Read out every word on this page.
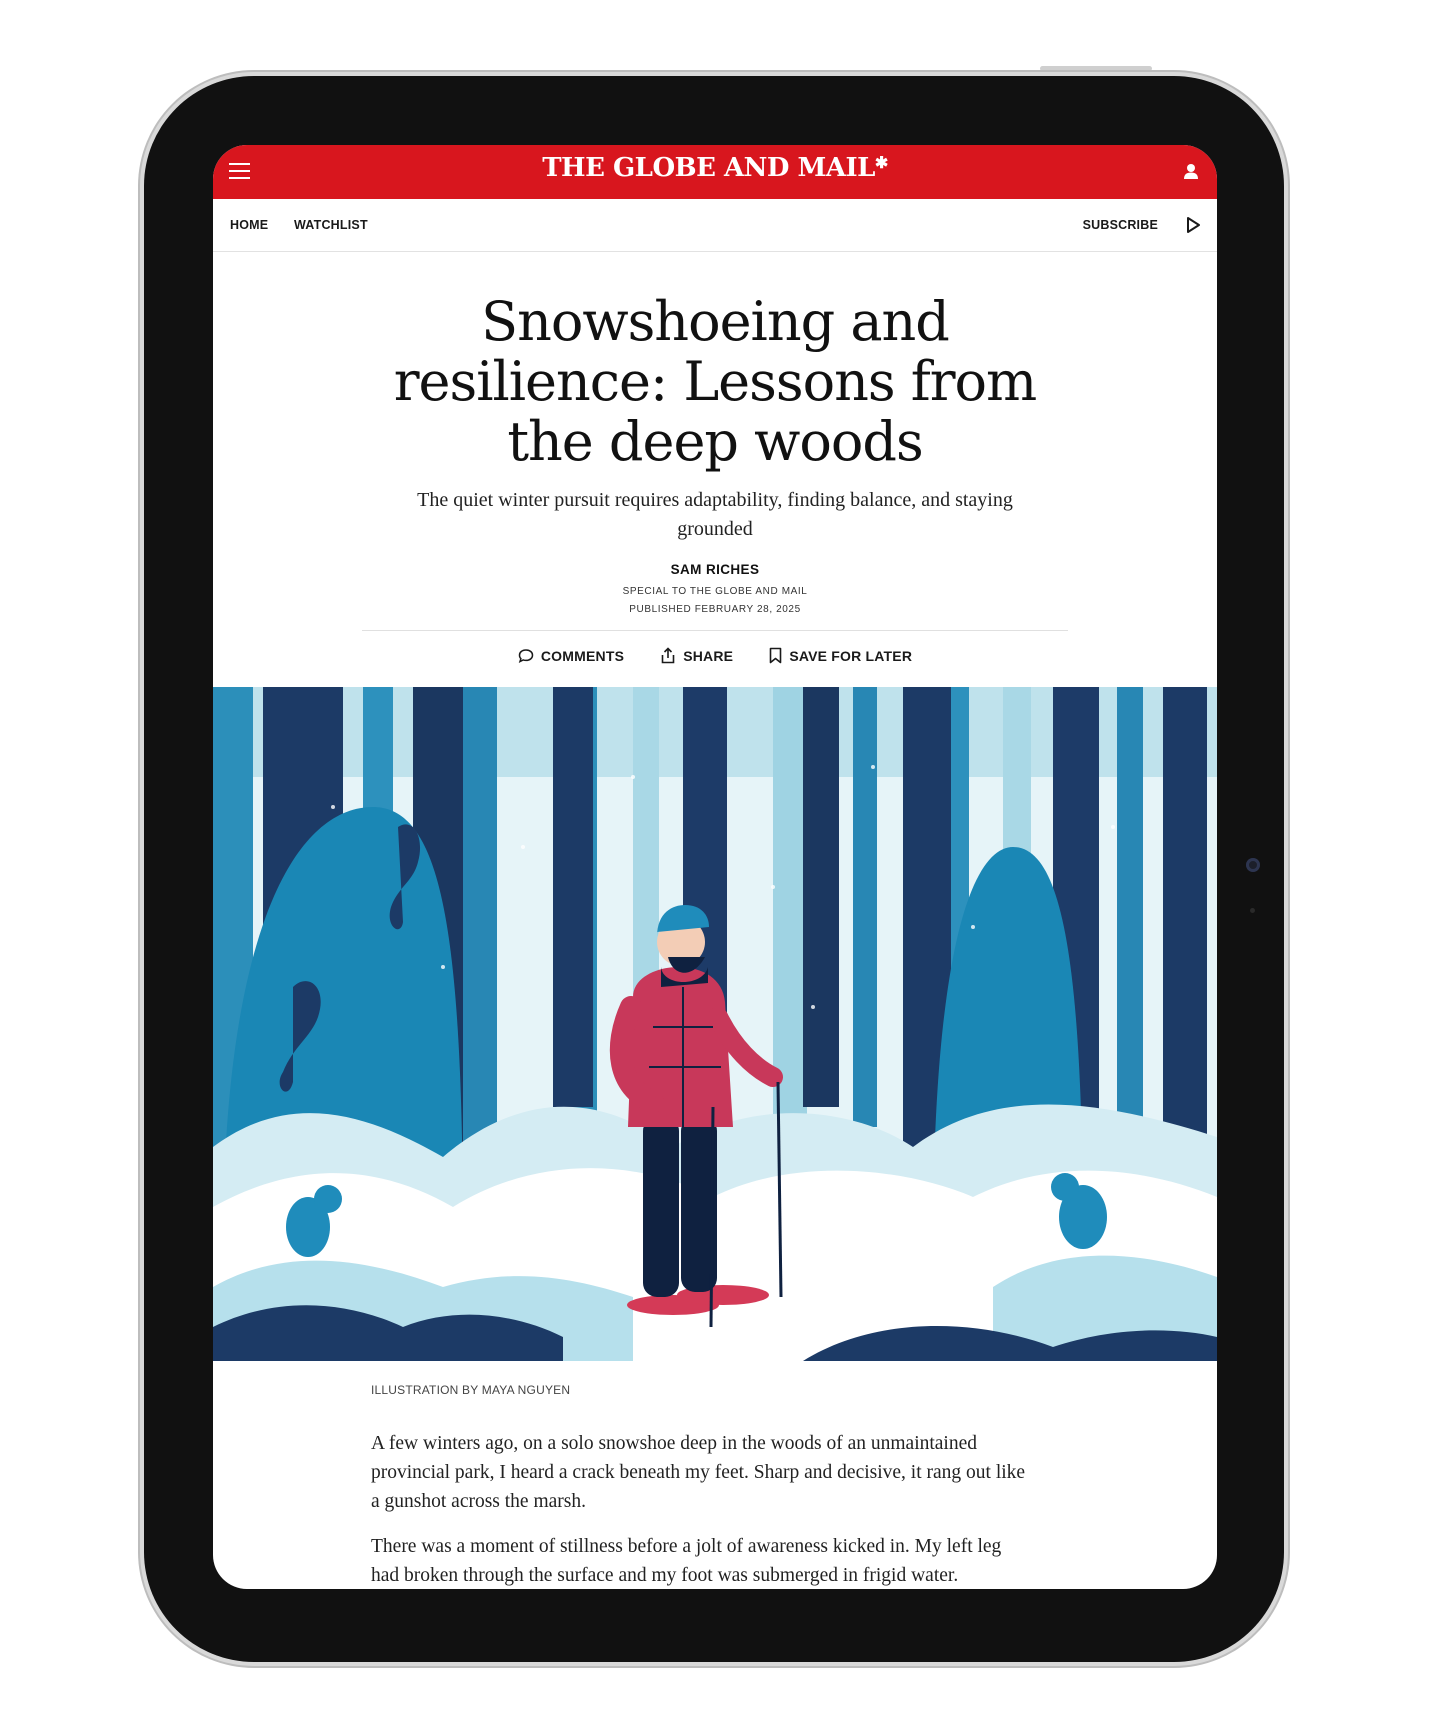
THE GLOBE AND MAIL✱
HOME WATCHLIST	SUBSCRIBE
Snowshoeing and resilience: Lessons from the deep woods
The quiet winter pursuit requires adaptability, finding balance, and staying grounded
SAM RICHES
SPECIAL TO THE GLOBE AND MAIL
PUBLISHED FEBRUARY 28, 2025
COMMENTS
	SHARE
	SAVE FOR LATER
ILLUSTRATION BY MAYA NGUYEN

A few winters ago, on a solo snowshoe deep in the woods of an unmaintained provincial park, I heard a crack beneath my feet. Sharp and decisive, it rang out like a gunshot across the marsh.

There was a moment of stillness before a jolt of awareness kicked in. My left leg had broken through the surface and my foot was submerged in frigid water.
